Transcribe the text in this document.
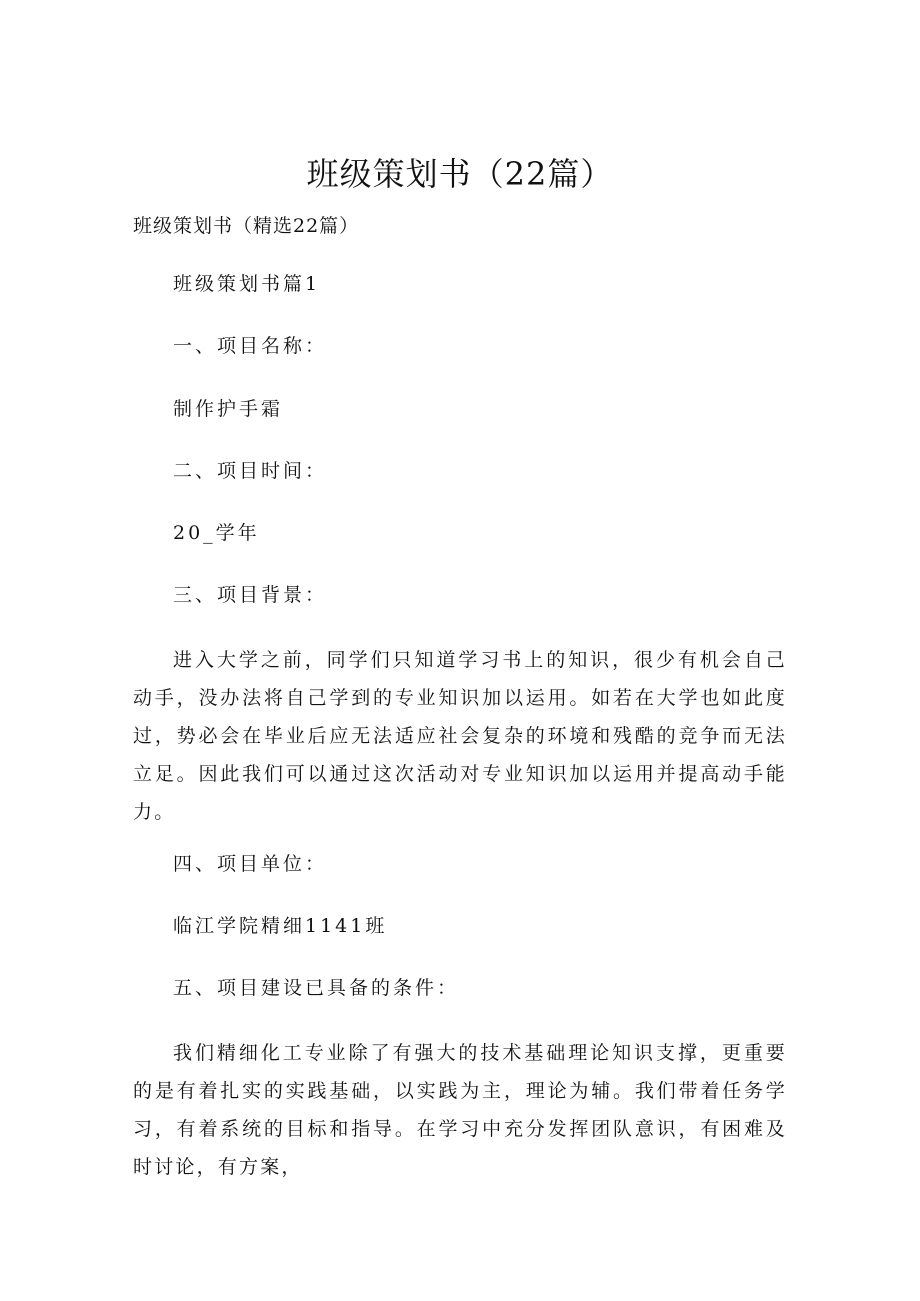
班级策划书（22篇）
班级策划书（精选22篇）
班级策划书篇1
一、项目名称：
制作护手霜
二、项目时间：
20_学年
三、项目背景：
进入大学之前，同学们只知道学习书上的知识，很少有机会自己动手，没办法将自己学到的专业知识加以运用。如若在大学也如此度过，势必会在毕业后应无法适应社会复杂的环境和残酷的竞争而无法立足。因此我们可以通过这次活动对专业知识加以运用并提高动手能力。
四、项目单位：
临江学院精细1141班
五、项目建设已具备的条件：
我们精细化工专业除了有强大的技术基础理论知识支撑，更重要的是有着扎实的实践基础，以实践为主，理论为辅。我们带着任务学习，有着系统的目标和指导。在学习中充分发挥团队意识，有困难及时讨论，有方案，
